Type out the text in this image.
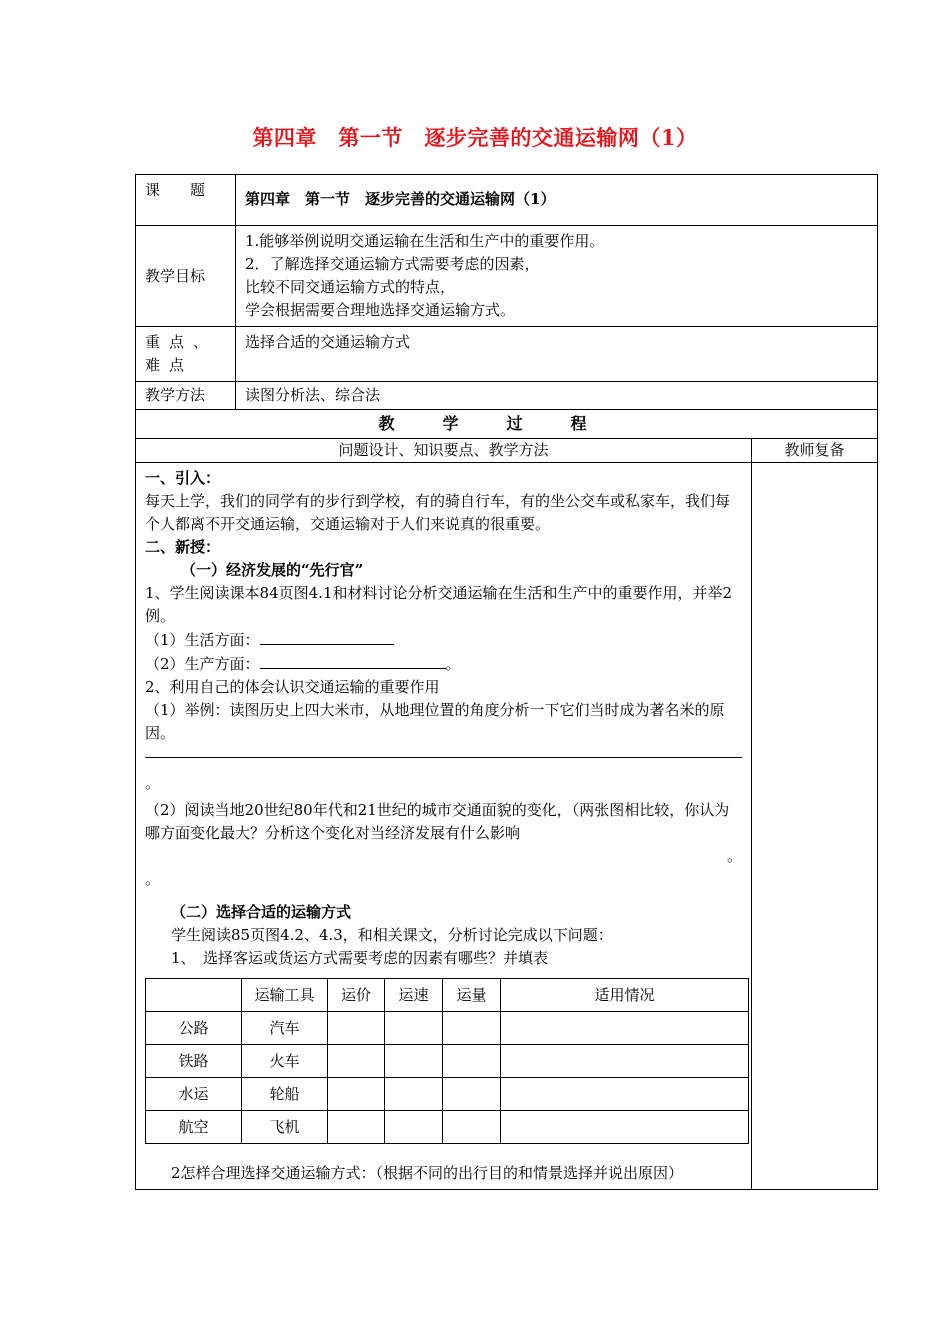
第四章　第一节　逐步完善的交通运输网（1）
课　　题	第四章　第一节　逐步完善的交通运输网（1）
教学目标	
1.能够举例说明交通运输在生活和生产中的重要作用。
2．了解选择交通运输方式需要考虑的因素，
比较不同交通运输方式的特点，
学会根据需要合理地选择交通运输方式。

重点、难点	选择合适的交通运输方式
教学方法	读图分析法、综合法
教学过程
问题设计、知识要点、教学方法	教师复备

一、引入：

每天上学，我们的同学有的步行到学校，有的骑自行车，有的坐公交车或私家车，我们每个人都离不开交通运输，交通运输对于人们来说真的很重要。

二、新授：

（一）经济发展的“先行官”

1、学生阅读课本84页图4.1和材料讨论分析交通运输在生活和生产中的重要作用，并举2例。

（1）生活方面：

（2）生产方面：	。

2、利用自己的体会认识交通运输的重要作用

（1）举例：读图历史上四大米市，从地理位置的角度分析一下它们当时成为著名米的原因。

。

（2）阅读当地20世纪80年代和21世纪的城市交通面貌的变化，（两张图相比较，你认为哪方面变化最大？分析这个变化对当经济发展有什么影响

。

。

（二）选择合适的运输方式

学生阅读85页图4.2、4.3，和相关课文，分析讨论完成以下问题：

1、　选择客运或货运方式需要考虑的因素有哪些？并填表

	运输工具	运价	运速	运量	适用情况
公路	汽车				
铁路	火车				
水运	轮船				
航空	飞机				

2怎样合理选择交通运输方式：（根据不同的出行目的和情景选择并说出原因）
